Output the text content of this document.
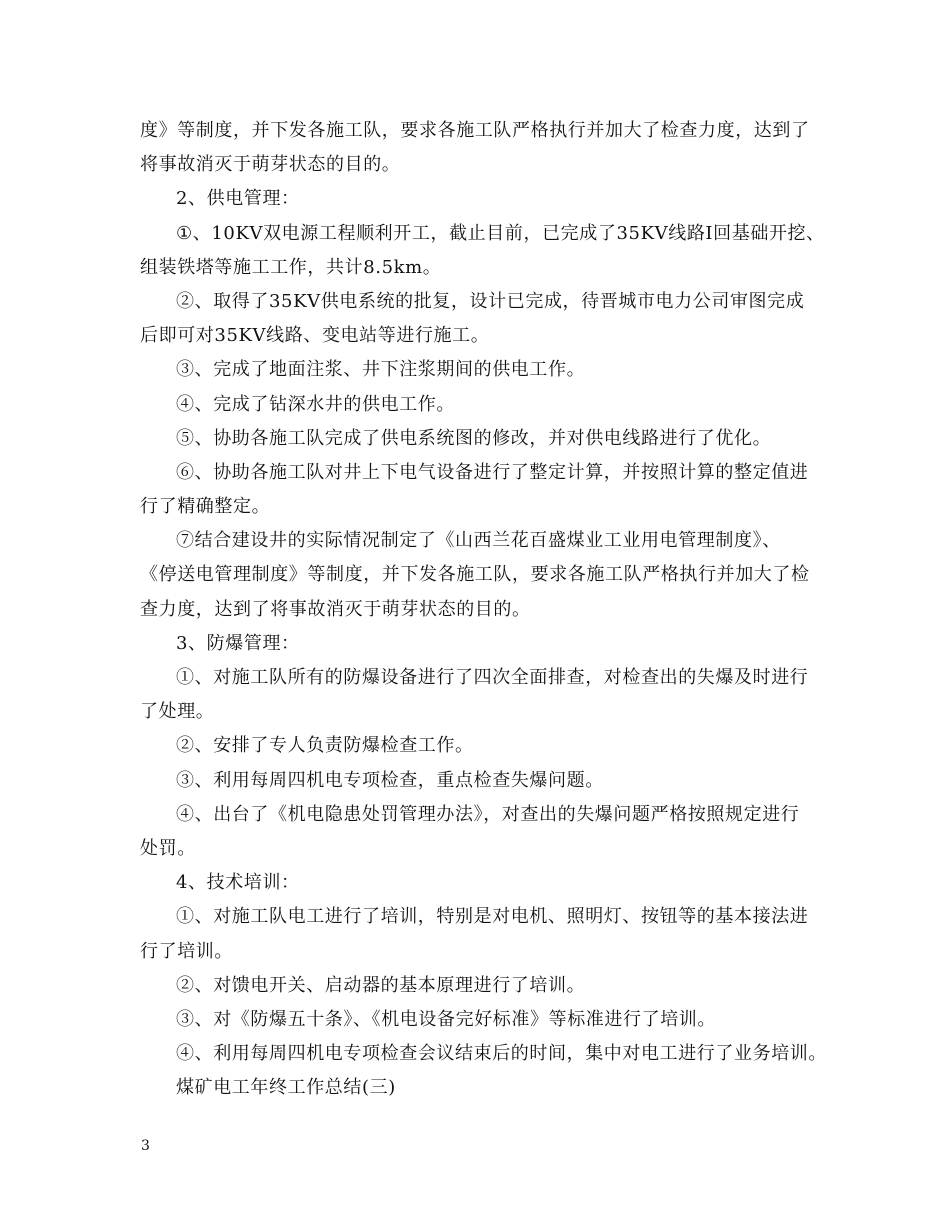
度》等制度，并下发各施工队，要求各施工队严格执行并加大了检查力度，达到了
将事故消灭于萌芽状态的目的。
2、供电管理：
①、10KV双电源工程顺利开工，截止目前，已完成了35KV线路Ⅰ回基础开挖、
组装铁塔等施工工作，共计8.5km。
②、取得了35KV供电系统的批复，设计已完成，待晋城市电力公司审图完成
后即可对35KV线路、变电站等进行施工。
③、完成了地面注浆、井下注浆期间的供电工作。
④、完成了钻深水井的供电工作。
⑤、协助各施工队完成了供电系统图的修改，并对供电线路进行了优化。
⑥、协助各施工队对井上下电气设备进行了整定计算，并按照计算的整定值进
行了精确整定。
⑦结合建设井的实际情况制定了《山西兰花百盛煤业工业用电管理制度》、
《停送电管理制度》等制度，并下发各施工队，要求各施工队严格执行并加大了检
查力度，达到了将事故消灭于萌芽状态的目的。
3、防爆管理：
①、对施工队所有的防爆设备进行了四次全面排查，对检查出的失爆及时进行
了处理。
②、安排了专人负责防爆检查工作。
③、利用每周四机电专项检查，重点检查失爆问题。
④、出台了《机电隐患处罚管理办法》，对查出的失爆问题严格按照规定进行
处罚。
4、技术培训：
①、对施工队电工进行了培训，特别是对电机、照明灯、按钮等的基本接法进
行了培训。
②、对馈电开关、启动器的基本原理进行了培训。
③、对《防爆五十条》、《机电设备完好标准》等标准进行了培训。
④、利用每周四机电专项检查会议结束后的时间，集中对电工进行了业务培训。
煤矿电工年终工作总结(三)
3
